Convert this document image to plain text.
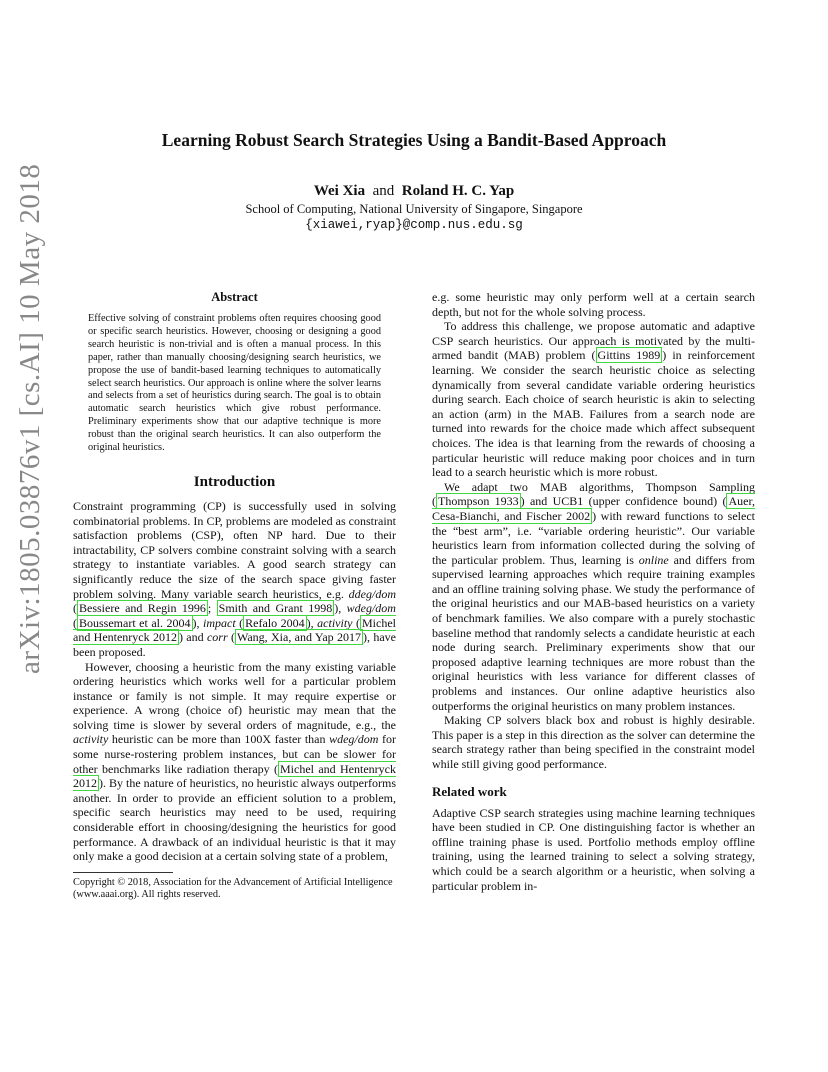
arXiv:1805.03876v1 [cs.AI] 10 May 2018
Learning Robust Search Strategies Using a Bandit-Based Approach
Wei Xia and Roland H. C. Yap
School of Computing, National University of Singapore, Singapore
{xiawei,ryap}@comp.nus.edu.sg
Abstract

Effective solving of constraint problems often requires choosing good or specific search heuristics. However, choosing or designing a good search heuristic is non-trivial and is often a manual process. In this paper, rather than manually choosing/designing search heuristics, we propose the use of bandit-based learning techniques to automatically select search heuristics. Our approach is online where the solver learns and selects from a set of heuristics during search. The goal is to obtain automatic search heuristics which give robust performance. Preliminary experiments show that our adaptive technique is more robust than the original search heuristics. It can also outperform the original heuristics.

Introduction

Constraint programming (CP) is successfully used in solving combinatorial problems. In CP, problems are modeled as constraint satisfaction problems (CSP), often NP hard. Due to their intractability, CP solvers combine constraint solving with a search strategy to instantiate variables. A good search strategy can significantly reduce the size of the search space giving faster problem solving. Many variable search heuristics, e.g. ddeg/dom ( Bessiere and Regin 1996 ; Smith and Grant 1998 ), wdeg/dom ( Boussemart et al. 2004 ), impact ( Refalo 2004 ), activity ( Michel and Hentenryck 2012 ) and corr ( Wang, Xia, and Yap 2017 ), have been proposed.

However, choosing a heuristic from the many existing variable ordering heuristics which works well for a particular problem instance or family is not simple. It may require expertise or experience. A wrong (choice of) heuristic may mean that the solving time is slower by several orders of magnitude, e.g., the activity heuristic can be more than 100X faster than wdeg/dom for some nurse-rostering problem instances, but can be slower for other benchmarks like radiation therapy ( Michel and Hentenryck 2012 ). By the nature of heuristics, no heuristic always outperforms another. In order to provide an efficient solution to a problem, specific search heuristics may need to be used, requiring considerable effort in choosing/designing the heuristics for good performance. A drawback of an individual heuristic is that it may only make a good decision at a certain solving state of a problem,

Copyright © 2018, Association for the Advancement of Artificial Intelligence (www.aaai.org). All rights reserved.

e.g. some heuristic may only perform well at a certain search depth, but not for the whole solving process.

To address this challenge, we propose automatic and adaptive CSP search heuristics. Our approach is motivated by the multi-armed bandit (MAB) problem ( Gittins 1989 ) in reinforcement learning. We consider the search heuristic choice as selecting dynamically from several candidate variable ordering heuristics during search. Each choice of search heuristic is akin to selecting an action (arm) in the MAB. Failures from a search node are turned into rewards for the choice made which affect subsequent choices. The idea is that learning from the rewards of choosing a particular heuristic will reduce making poor choices and in turn lead to a search heuristic which is more robust.

We adapt two MAB algorithms, Thompson Sampling ( Thompson 1933 ) and UCB1 (upper confidence bound) ( Auer, Cesa-Bianchi, and Fischer 2002 ) with reward functions to select the “best arm”, i.e. “variable ordering heuristic”. Our variable heuristics learn from information collected during the solving of the particular problem. Thus, learning is online and differs from supervised learning approaches which require training examples and an offline training solving phase. We study the performance of the original heuristics and our MAB-based heuristics on a variety of benchmark families. We also compare with a purely stochastic baseline method that randomly selects a candidate heuristic at each node during search. Preliminary experiments show that our proposed adaptive learning techniques are more robust than the original heuristics with less variance for different classes of problems and instances. Our online adaptive heuristics also outperforms the original heuristics on many problem instances.

Making CP solvers black box and robust is highly desirable. This paper is a step in this direction as the solver can determine the search strategy rather than being specified in the constraint model while still giving good performance.

Related work

Adaptive CSP search strategies using machine learning techniques have been studied in CP. One distinguishing factor is whether an offline training phase is used. Portfolio methods employ offline training, using the learned training to select a solving strategy, which could be a search algorithm or a heuristic, when solving a particular problem in-
